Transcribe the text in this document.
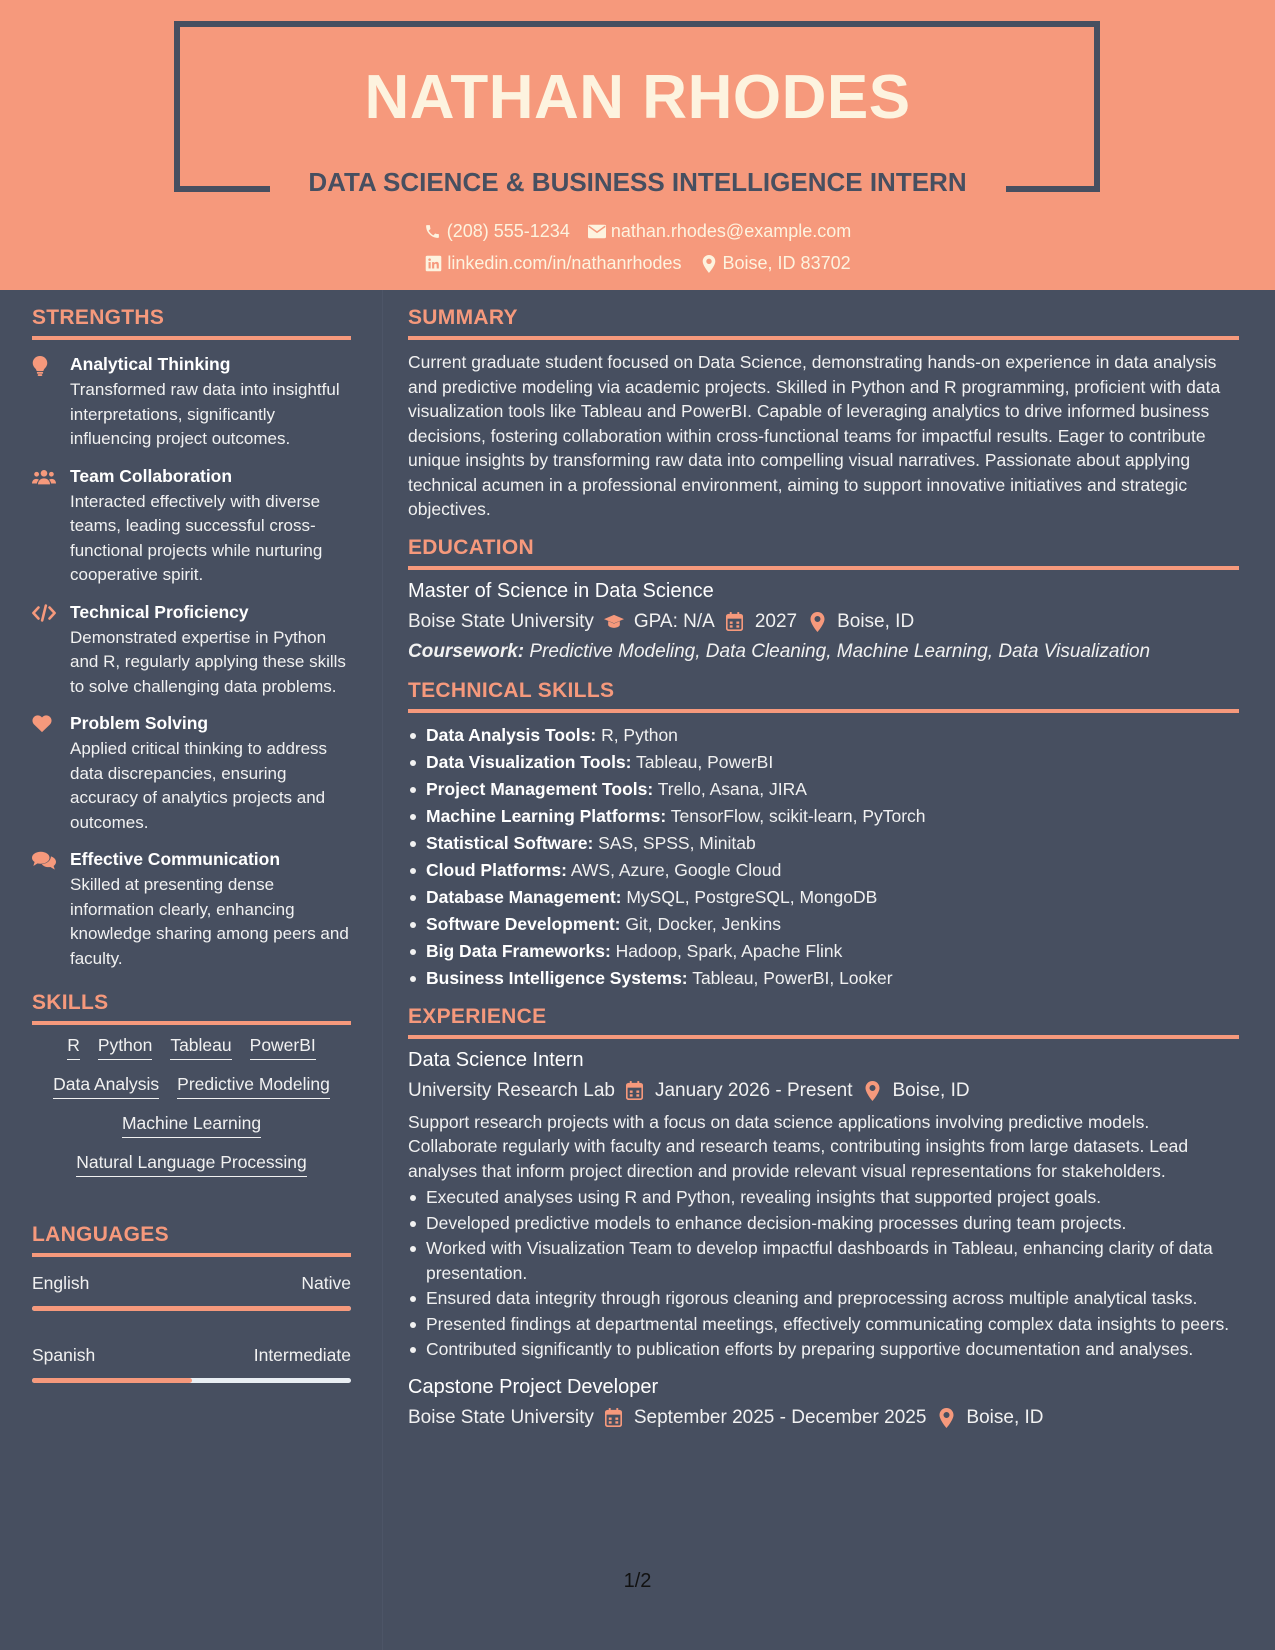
NATHAN RHODES
DATA SCIENCE & BUSINESS INTELLIGENCE INTERN
(208) 555-1234 nathan.rhodes@example.com
linkedin.com/in/nathanrhodes Boise, ID 83702
STRENGTHS
Analytical Thinking
Transformed raw data into insightful interpretations, significantly influencing project outcomes.
Team Collaboration
Interacted effectively with diverse teams, leading successful cross-functional projects while nurturing cooperative spirit.
Technical Proficiency
Demonstrated expertise in Python and R, regularly applying these skills to solve challenging data problems.
Problem Solving
Applied critical thinking to address data discrepancies, ensuring accuracy of analytics projects and outcomes.
Effective Communication
Skilled at presenting dense information clearly, enhancing knowledge sharing among peers and faculty.
SKILLS
R Python Tableau PowerBI
Data Analysis Predictive Modeling
Machine Learning
Natural Language Processing
LANGUAGES
English	Native
Spanish	Intermediate
SUMMARY
Current graduate student focused on Data Science, demonstrating hands-on experience in data analysis and predictive modeling via academic projects. Skilled in Python and R programming, proficient with data visualization tools like Tableau and PowerBI. Capable of leveraging analytics to drive informed business decisions, fostering collaboration within cross-functional teams for impactful results. Eager to contribute unique insights by transforming raw data into compelling visual narratives. Passionate about applying technical acumen in a professional environment, aiming to support innovative initiatives and strategic objectives.
EDUCATION
Master of Science in Data Science
Boise State University GPA: N/A 2027 Boise, ID
Coursework: Predictive Modeling, Data Cleaning, Machine Learning, Data Visualization
TECHNICAL SKILLS
Data Analysis Tools: R, Python
Data Visualization Tools: Tableau, PowerBI
Project Management Tools: Trello, Asana, JIRA
Machine Learning Platforms: TensorFlow, scikit-learn, PyTorch
Statistical Software: SAS, SPSS, Minitab
Cloud Platforms: AWS, Azure, Google Cloud
Database Management: MySQL, PostgreSQL, MongoDB
Software Development: Git, Docker, Jenkins
Big Data Frameworks: Hadoop, Spark, Apache Flink
Business Intelligence Systems: Tableau, PowerBI, Looker
EXPERIENCE
Data Science Intern
University Research Lab January 2026 - Present Boise, ID
Support research projects with a focus on data science applications involving predictive models. Collaborate regularly with faculty and research teams, contributing insights from large datasets. Lead analyses that inform project direction and provide relevant visual representations for stakeholders.
Executed analyses using R and Python, revealing insights that supported project goals.
Developed predictive models to enhance decision-making processes during team projects.
Worked with Visualization Team to develop impactful dashboards in Tableau, enhancing clarity of data presentation.
Ensured data integrity through rigorous cleaning and preprocessing across multiple analytical tasks.
Presented findings at departmental meetings, effectively communicating complex data insights to peers.
Contributed significantly to publication efforts by preparing supportive documentation and analyses.
Capstone Project Developer
Boise State University September 2025 - December 2025 Boise, ID
1/2
